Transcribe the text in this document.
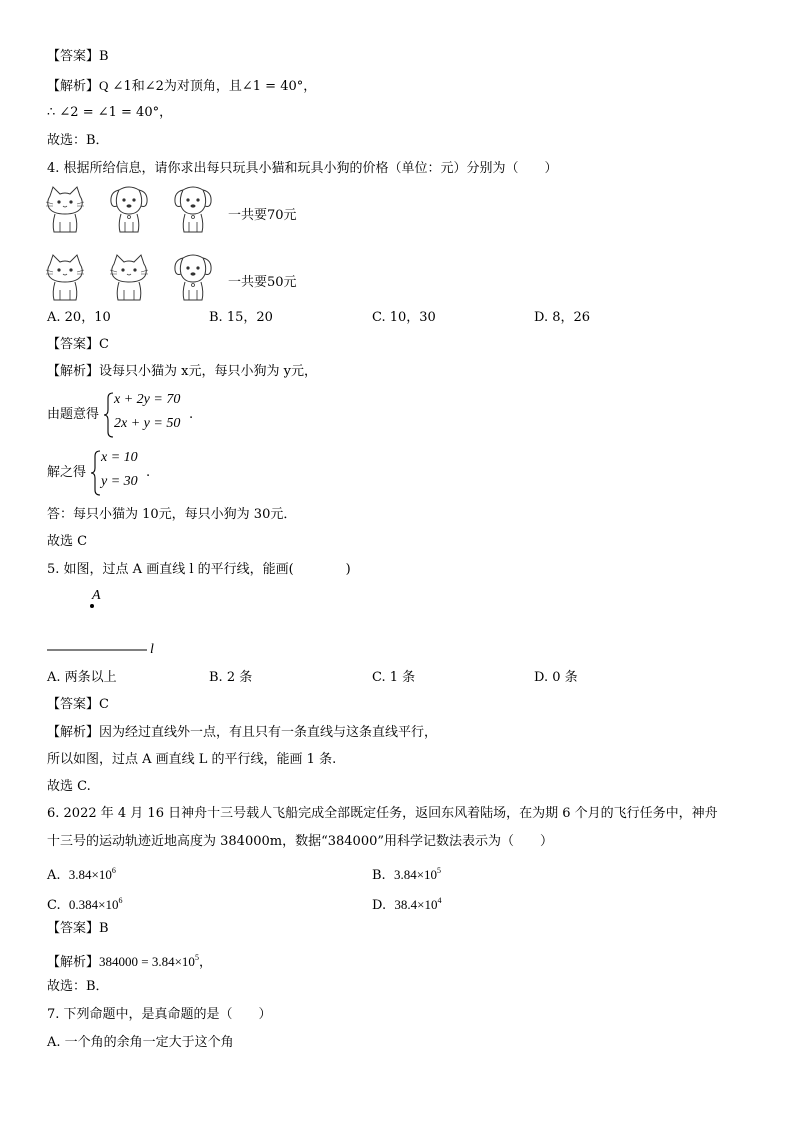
【答案】B
【解析】Q ∠1和∠2为对顶角，且∠1 = 40°，
∴ ∠2 = ∠1 = 40°，
故选：B．
4. 根据所给信息，请你求出每只玩具小猫和玩具小狗的价格（单位：元）分别为（　　）
一共要70元
一共要50元
A. 20，10	B. 15，20	C. 10，30	D. 8，26
【答案】C
【解析】设每只小猫为 x元，每只小狗为 y元，
由题意得
x + 2y = 70
2x + y = 50
.
解之得
x = 10
y = 30
.
答：每只小猫为 10元，每只小狗为 30元．
故选 C
5. 如图，过点 A 画直线 l 的平行线，能画(　　　　)
A
l
A. 两条以上	B. 2 条	C. 1 条	D. 0 条
【答案】C
【解析】因为经过直线外一点，有且只有一条直线与这条直线平行，
所以如图，过点 A 画直线 L 的平行线，能画 1 条.
故选 C.
6. 2022 年 4 月 16 日神舟十三号载人飞船完成全部既定任务，返回东风着陆场，在为期 6 个月的飞行任务中，神舟
十三号的运动轨迹近地高度为 384000m，数据“384000”用科学记数法表示为（　　）
A. $3.84\times 10^6$	B. $3.84\times 10^5$
C. $0.384\times 10^6$	D. $38.4\times 10^4$
【答案】B
【解析】$384000 = 3.84\times 10^5$，
故选：B．
7. 下列命题中，是真命题的是（　　）
A. 一个角的余角一定大于这个角
